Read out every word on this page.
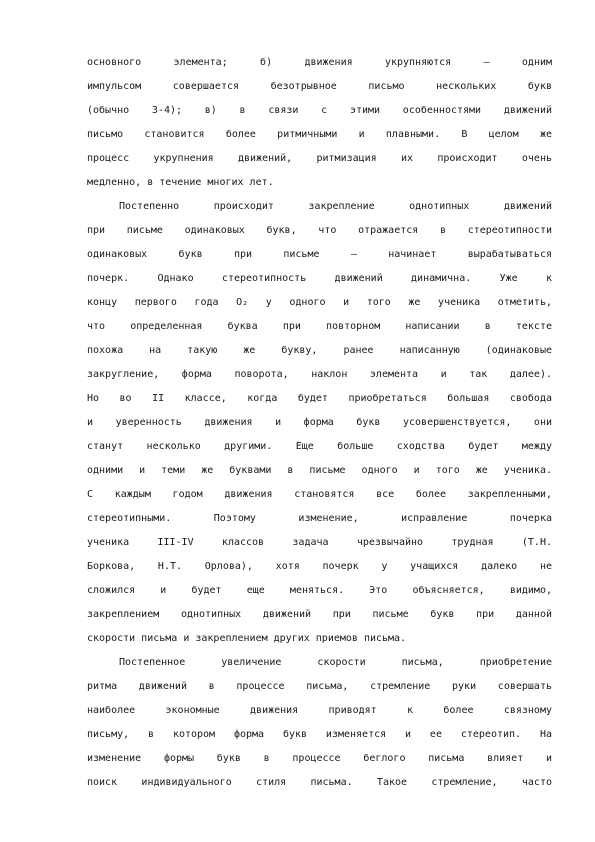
основного элемента; б) движения укрупняются – одним
импульсом совершается безотрывное письмо нескольких букв
(обычно 3-4); в) в связи с этими особенностями движений
письмо становится более ритмичными и плавными. В целом же
процесс укрупнения движений, ритмизация их происходит очень
медленно, в течение многих лет.
Постепенно происходит закрепление однотипных движений
при письме одинаковых букв, что отражается в стереотипности
одинаковых букв при письме – начинает вырабатываться
почерк. Однако стереотипность движений динамична. Уже к
концу первого года О₂ у одного и того же ученика отметить,
что определенная буква при повторном написании в тексте
похожа на такую же букву, ранее написанную (одинаковые
закругление, форма поворота, наклон элемента и так далее).
Но во II классе, когда будет приобретаться большая свобода
и уверенность движения и форма букв усовершенствуется, они
станут несколько другими. Еще больше сходства будет между
одними и теми же буквами в письме одного и того же ученика.
С каждым годом движения становятся все более закрепленными,
стереотипными. Поэтому изменение, исправление почерка
ученика III-IV классов задача чрезвычайно трудная (Т.Н.
Боркова, Н.Т. Орлова), хотя почерк у учащихся далеко не
сложился и будет еще меняться. Это объясняется, видимо,
закреплением однотипных движений при письме букв при данной
скорости письма и закреплением других приемов письма.
Постепенное увеличение скорости письма, приобретение
ритма движений в процессе письма, стремление руки совершать
наиболее экономные движения приводят к более связному
письму, в котором форма букв изменяется и ее стереотип. На
изменение формы букв в процессе беглого письма влияет и
поиск индивидуального стиля письма. Такое стремление, часто
